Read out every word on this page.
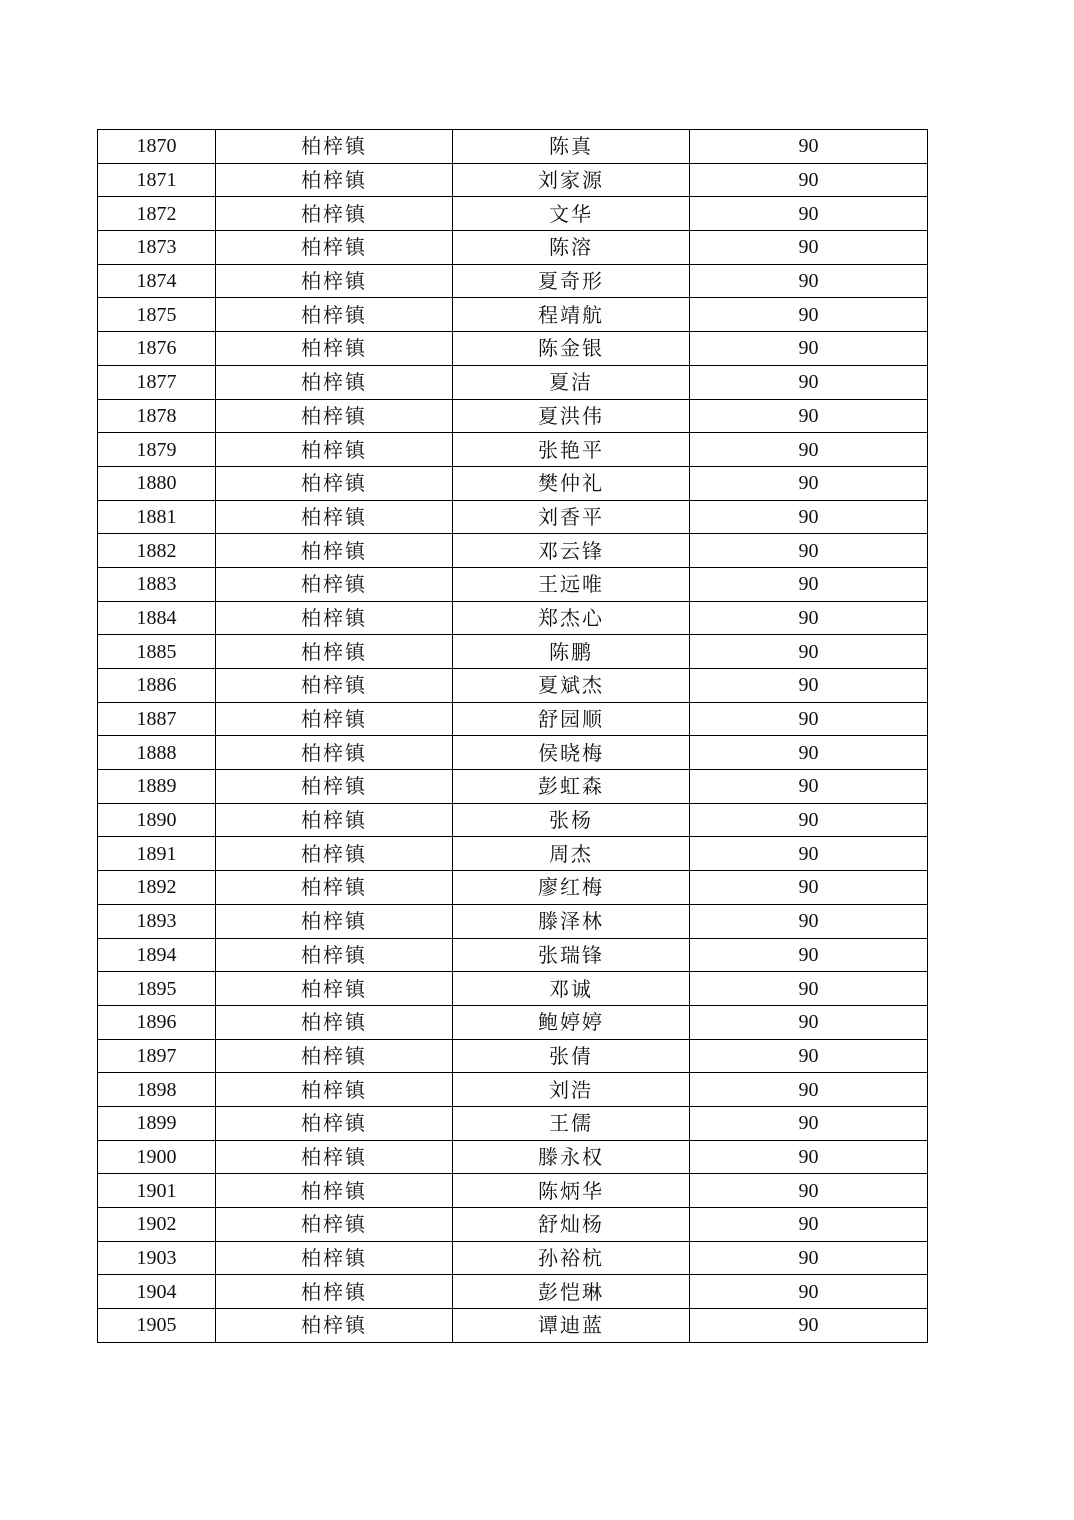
1870	柏梓镇	陈真	90
1871	柏梓镇	刘家源	90
1872	柏梓镇	文华	90
1873	柏梓镇	陈溶	90
1874	柏梓镇	夏奇形	90
1875	柏梓镇	程靖航	90
1876	柏梓镇	陈金银	90
1877	柏梓镇	夏洁	90
1878	柏梓镇	夏洪伟	90
1879	柏梓镇	张艳平	90
1880	柏梓镇	樊仲礼	90
1881	柏梓镇	刘香平	90
1882	柏梓镇	邓云锋	90
1883	柏梓镇	王远唯	90
1884	柏梓镇	郑杰心	90
1885	柏梓镇	陈鹏	90
1886	柏梓镇	夏斌杰	90
1887	柏梓镇	舒园顺	90
1888	柏梓镇	侯晓梅	90
1889	柏梓镇	彭虹森	90
1890	柏梓镇	张杨	90
1891	柏梓镇	周杰	90
1892	柏梓镇	廖红梅	90
1893	柏梓镇	滕泽林	90
1894	柏梓镇	张瑞锋	90
1895	柏梓镇	邓诚	90
1896	柏梓镇	鲍婷婷	90
1897	柏梓镇	张倩	90
1898	柏梓镇	刘浩	90
1899	柏梓镇	王儒	90
1900	柏梓镇	滕永权	90
1901	柏梓镇	陈炳华	90
1902	柏梓镇	舒灿杨	90
1903	柏梓镇	孙裕杭	90
1904	柏梓镇	彭恺琳	90
1905	柏梓镇	谭迪蓝	90
